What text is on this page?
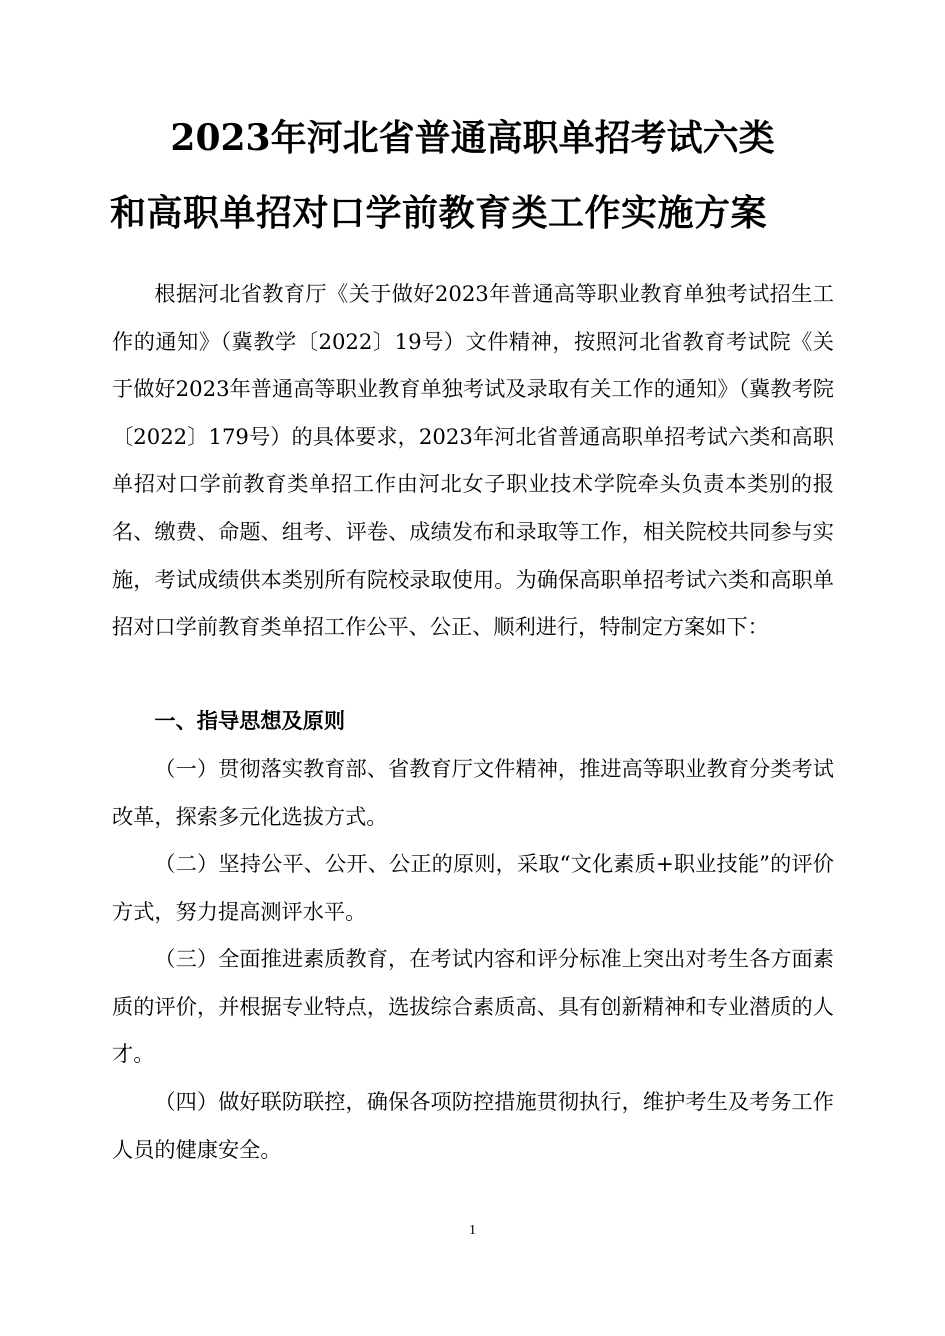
2023年河北省普通高职单招考试六类
和高职单招对口学前教育类工作实施方案

根据河北省教育厅《关于做好2023年普通高等职业教育单独考试招生工作的通知》（冀教学〔2022〕19号）文件精神，按照河北省教育考试院《关于做好2023年普通高等职业教育单独考试及录取有关工作的通知》（冀教考院〔2022〕179号）的具体要求，2023年河北省普通高职单招考试六类和高职单招对口学前教育类单招工作由河北女子职业技术学院牵头负责本类别的报名、缴费、命题、组考、评卷、成绩发布和录取等工作，相关院校共同参与实施，考试成绩供本类别所有院校录取使用。为确保高职单招考试六类和高职单招对口学前教育类单招工作公平、公正、顺利进行，特制定方案如下：

一、指导思想及原则

（一）贯彻落实教育部、省教育厅文件精神，推进高等职业教育分类考试改革，探索多元化选拔方式。

（二）坚持公平、公开、公正的原则，采取“文化素质+职业技能”的评价方式，努力提高测评水平。

（三）全面推进素质教育，在考试内容和评分标准上突出对考生各方面素质的评价，并根据专业特点，选拔综合素质高、具有创新精神和专业潜质的人才。

（四）做好联防联控，确保各项防控措施贯彻执行，维护考生及考务工作人员的健康安全。

1
